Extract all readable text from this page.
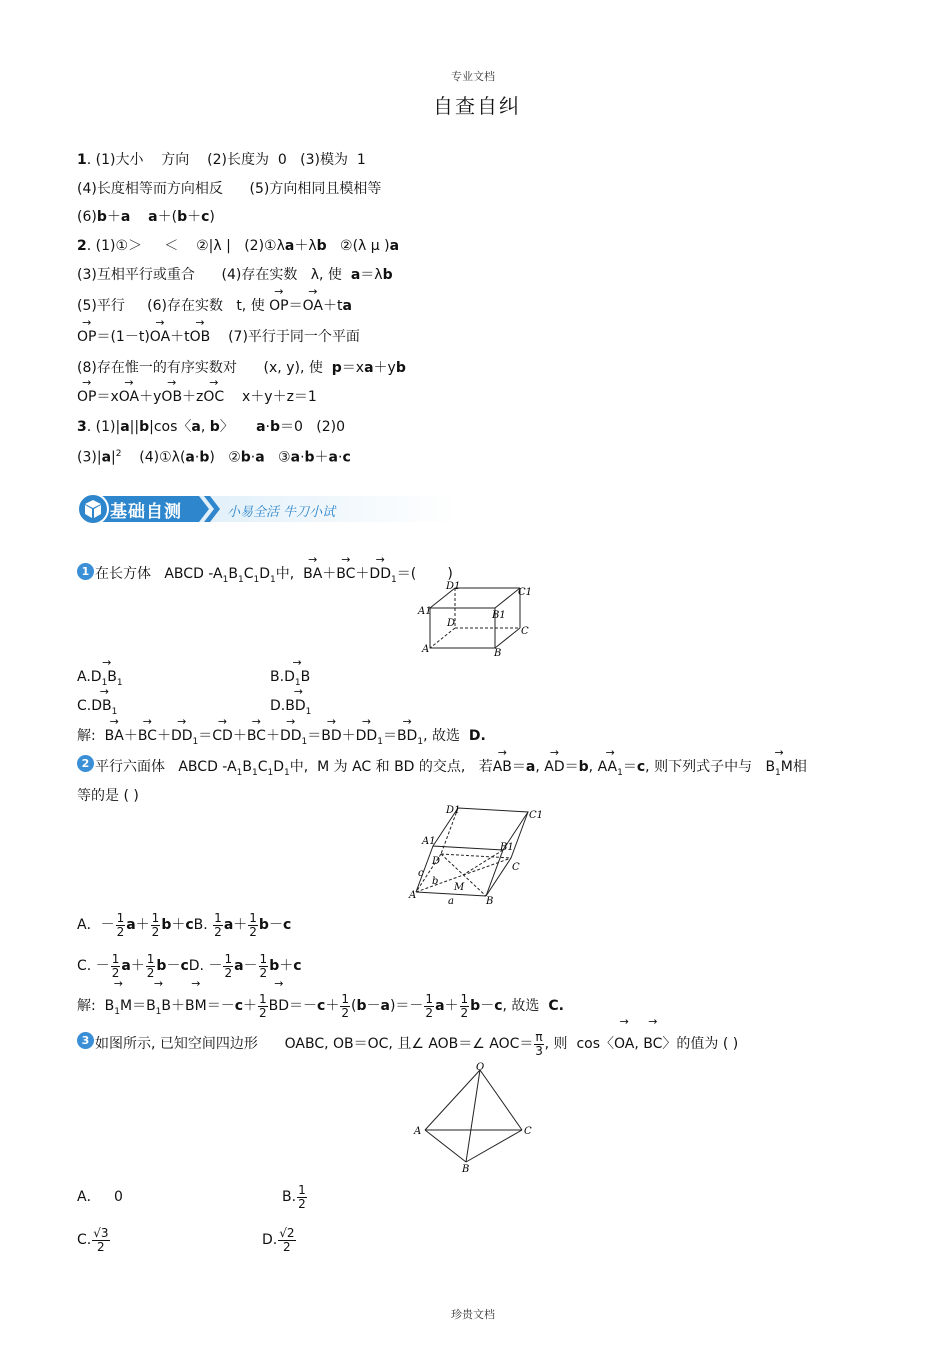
专业文档
自查自纠
1. (1)大小 方向 (2)长度为 0 (3)模为 1
(4)长度相等而方向相反 (5)方向相同且模相等
(6)b＋a a＋(b＋c)
2. (1)①＞ ＜ ②|λ | (2)①λa＋λb ②(λ μ )a
(3)互相平行或重合 (4)存在实数 λ, 使 a＝λb
(5)平行 (6)存在实数 t, 使 → OP＝→ OA＋ta
→ OP＝(1－t)→ OA＋t→ OB (7)平行于同一个平面
(8)存在惟一的有序实数对 (x, y), 使 p＝xa＋yb
→ OP＝x→ OA＋y→ OB＋z→ OC x＋y＋z＝1
3. (1)|a||b|cos〈a, b〉 a·b＝0 (2)0
$(3)|a|^2$ (4)①λ(a·b) ②b·a ③a·b＋a·c
基础自测	小易全活 牛刀小试
1 在长方体 ABCD $-A_1B_1C_1D_1$中,  → $BA+\to BC+\to DD_1=$( )
D1
C1
A1	B1
D
C
A	B
$A.\to D_1B_1$	$B.\to D_1B$
$C.\to DB_1$	$D.\to BD_1$
解:  → $BA+\to BC+\to DD_1=\to CD+\to BC+\to DD_1=\to BD+\to DD_1=\to BD_1$, 故选 D.
2 平行六面体 ABCD $-A_1B_1C_1D_1$中, M 为 AC 和 BD 的交点, 若→ AB＝a, → AD＝b, → $AA_1=c$, 则下列式子中与   → $B_1M$相
等的是 ( )
D1	C1
A1
B1
D
C
c
b
M
A
a	B
A．－ $\frac{1}{2} a+ \frac{1}{2} b+cB$. $\frac{1}{2} a+ \frac{1}{2} b-c$
C. － $\frac{1}{2} a+ \frac{1}{2} b-cD$. － $\frac{1}{2} a- \frac{1}{2} b+c$
解:  → $B_1M=\to B_1B+\to BM=-c+ \frac{1}{2}$
→ $BD=-c+ \frac{1}{2} (b-a)=- \frac{1}{2} a+ \frac{1}{2} b-c$, 故选 C.
3 如图所示, 已知空间四边形 OABC, OB＝OC, 且∠ AOB＝∠ $AOC= \frac{\pi}{3}$ , 则 cos〈→ OA, → BC〉的值为 ( )
O
A	C
B
A． 0	B. $\frac{1}{2}$
C. $\frac{√3}{2}$	D. $\frac{√2}{2}$
珍贵文档
